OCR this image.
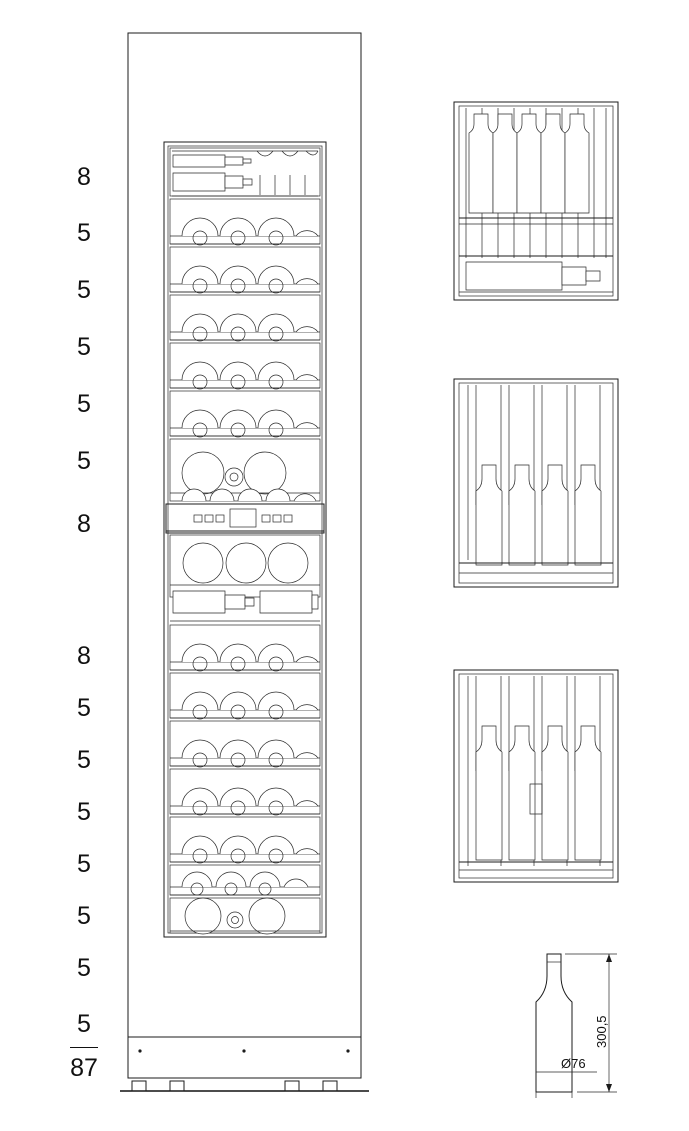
8
5
5
5
5
5
8
8
5
5
5
5
5
5
5
87
300,5
Ø76
